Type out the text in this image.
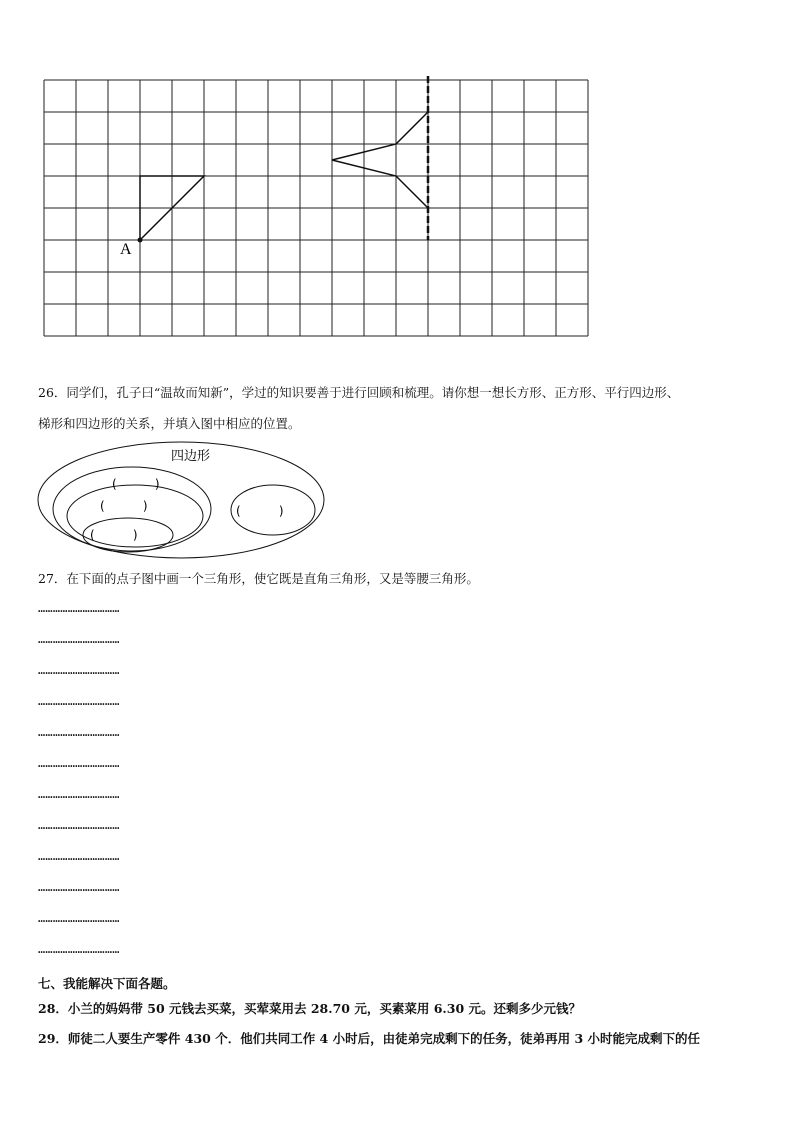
A
26．同学们，孔子曰“温故而知新”，学过的知识要善于进行回顾和梳理。请你想一想长方形、正方形、平行四边形、
梯形和四边形的关系，并填入图中相应的位置。
四边形
(          )
(          )
(          )
(          )
27．在下面的点子图中画一个三角形，使它既是直角三角形，又是等腰三角形。
……………………………
……………………………
……………………………
……………………………
……………………………
……………………………
……………………………
……………………………
……………………………
……………………………
……………………………
……………………………
七、我能解决下面各题。
28．小兰的妈妈带 50 元钱去买菜，买荤菜用去 28.70 元，买素菜用 6.30 元。还剩多少元钱？
29．师徒二人要生产零件 430 个．他们共同工作 4 小时后，由徒弟完成剩下的任务，徒弟再用 3 小时能完成剩下的任
